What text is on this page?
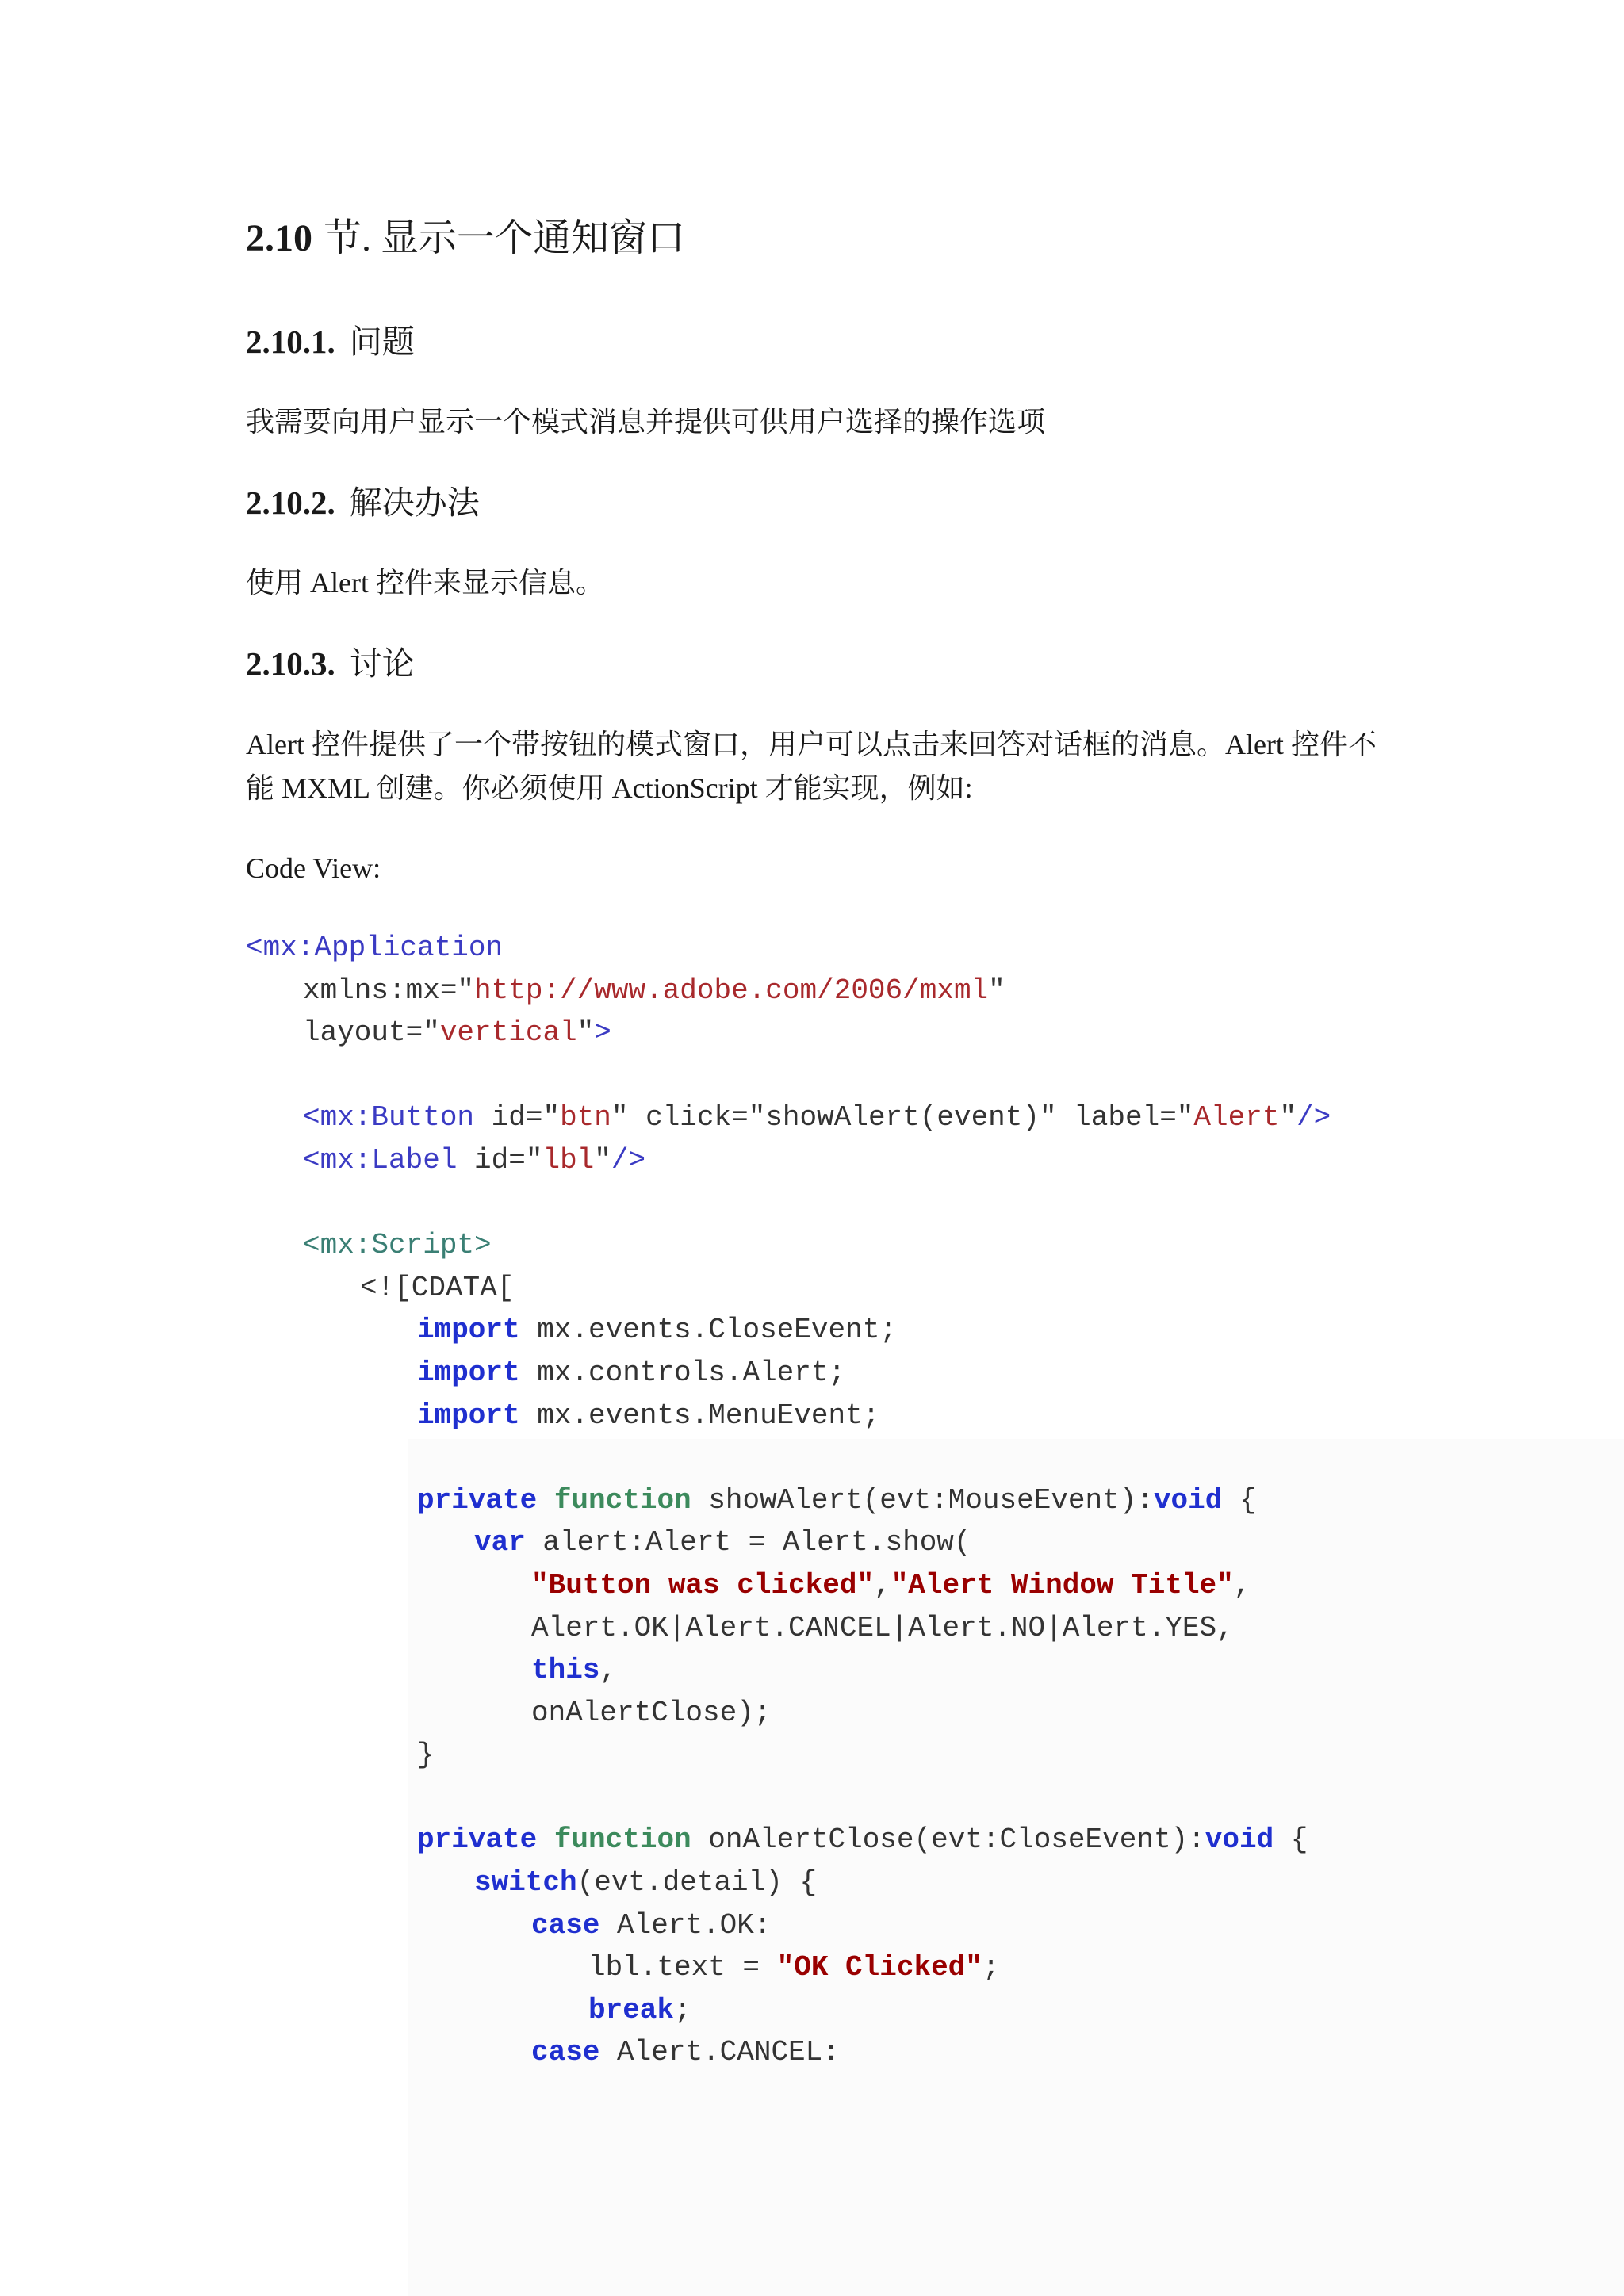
2.10 节. 显示一个通知窗口
2.10.1. 问题
我需要向用户显示一个模式消息并提供可供用户选择的操作选项
2.10.2. 解决办法
使用 Alert 控件来显示信息。
2.10.3. 讨论
Alert 控件提供了一个带按钮的模式窗口，用户可以点击来回答对话框的消息。Alert 控件不
能 MXML 创建。你必须使用 ActionScript 才能实现，例如:
Code View:
<mx:Application
xmlns:mx="http://www.adobe.com/2006/mxml"
layout="vertical">
<mx:Button id="btn" click="showAlert(event)" label="Alert"/>
<mx:Label id="lbl"/>
<mx:Script>
<![CDATA[
import mx.events.CloseEvent;
import mx.controls.Alert;
import mx.events.MenuEvent;
private function showAlert(evt:MouseEvent):void {
var alert:Alert = Alert.show(
"Button was clicked","Alert Window Title",
Alert.OK|Alert.CANCEL|Alert.NO|Alert.YES,
this,
onAlertClose);
}
private function onAlertClose(evt:CloseEvent):void {
switch(evt.detail) {
case Alert.OK:
lbl.text = "OK Clicked";
break;
case Alert.CANCEL:
